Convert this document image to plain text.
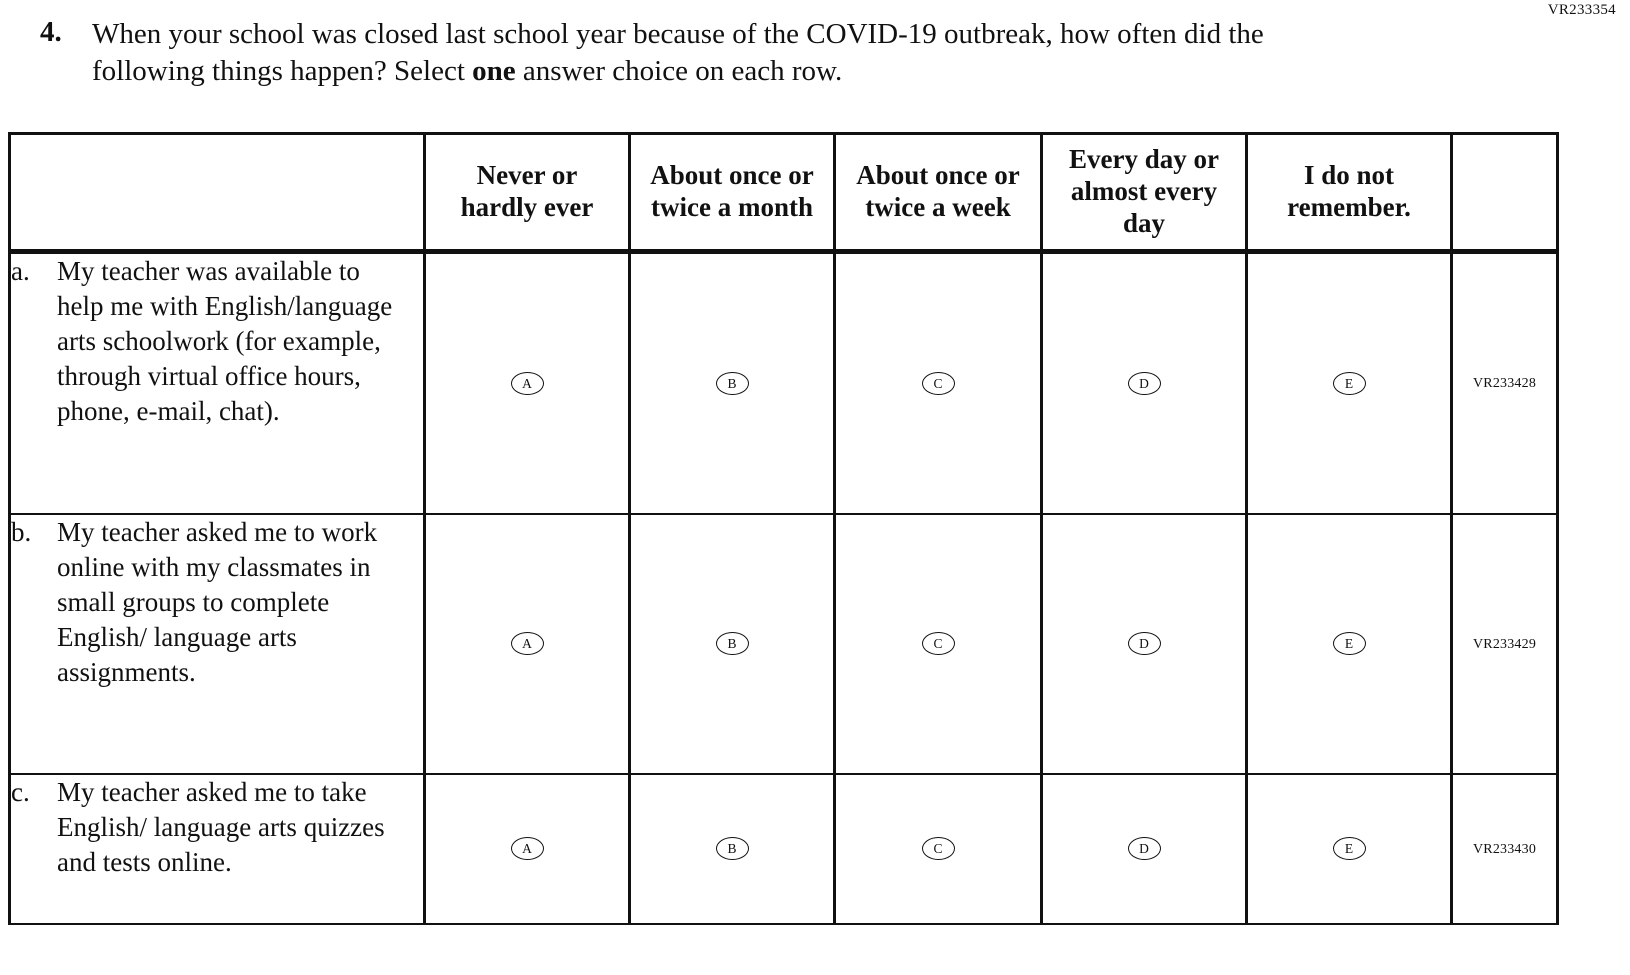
VR233354
4.	When your school was closed last school year because of the COVID-19 outbreak, how often did the following things happen? Select one answer choice on each row.
	Never or hardly ever	About once or twice a month	About once or twice a week	Every day or almost every day	I do not remember.	

a. My teacher was available to help me with English/language arts schoolwork (for example, through virtual office hours, phone, e-mail, chat).	A	B	C	D	E	VR233428

b. My teacher asked me to work online with my classmates in small groups to complete English/ language arts assignments.	A	B	C	D	E	VR233429

c. My teacher asked me to take English/ language arts quizzes and tests online.	A	B	C	D	E	VR233430
